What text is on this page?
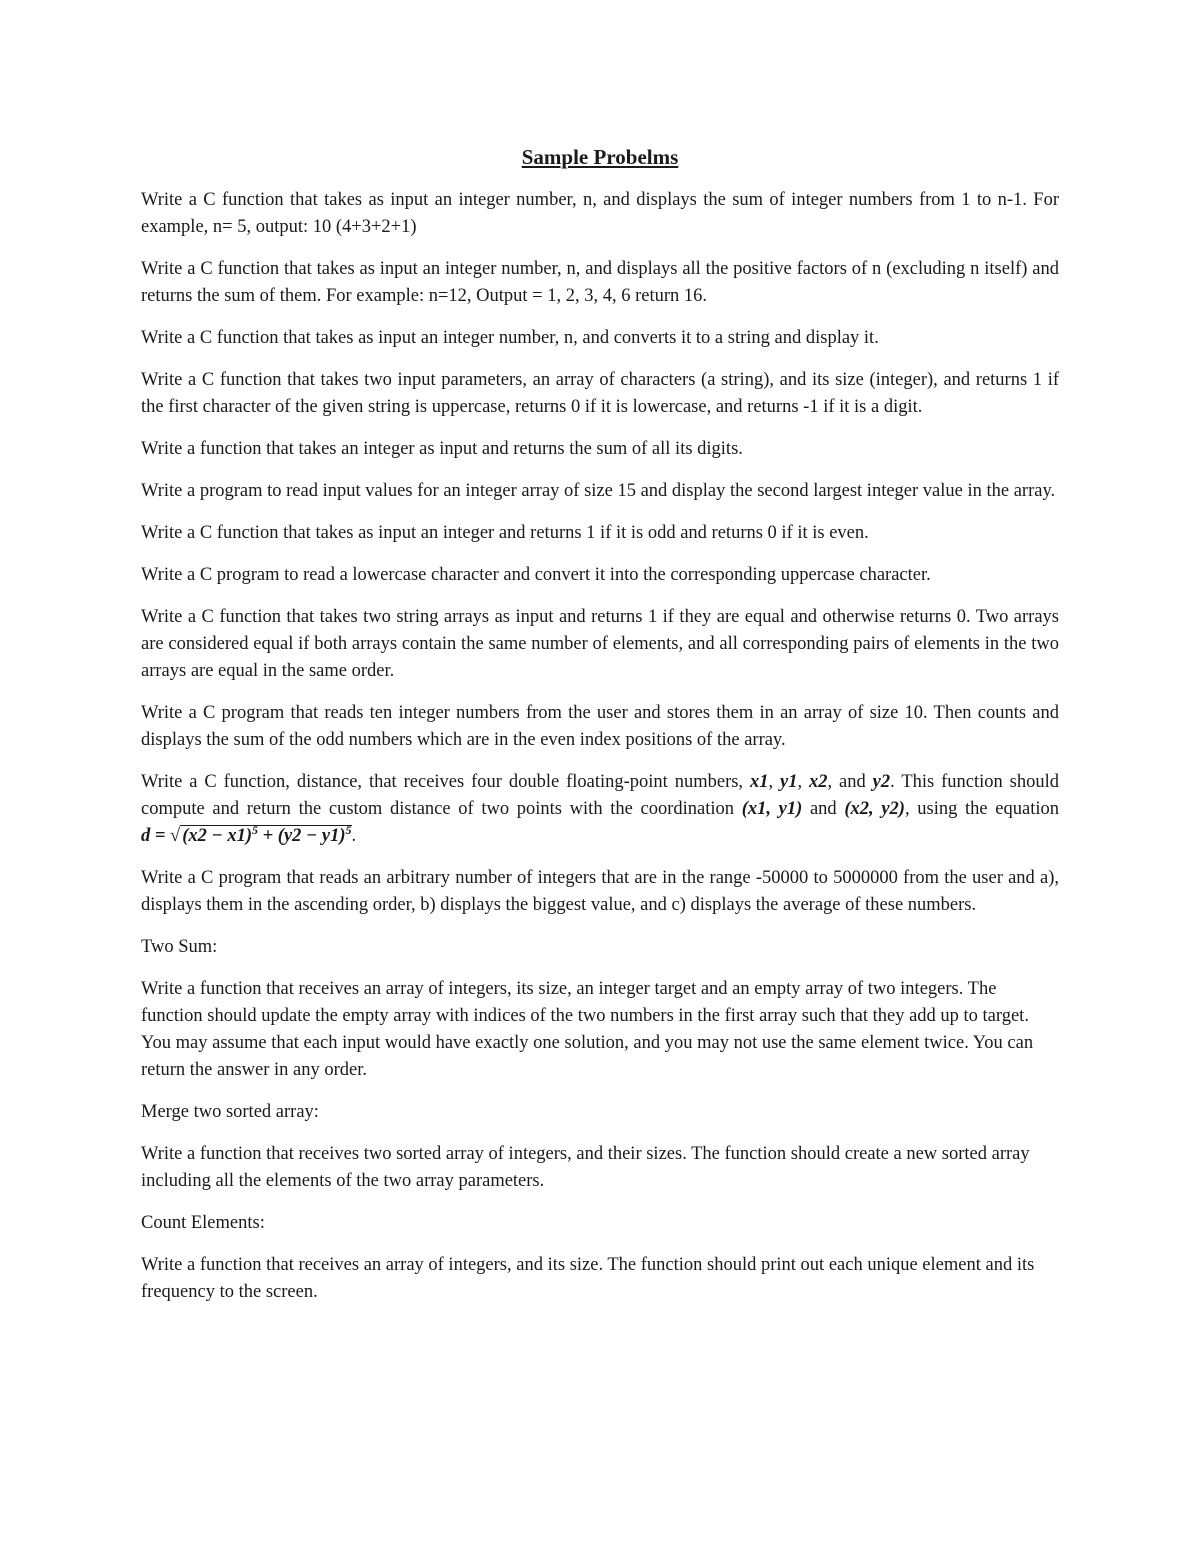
Sample Probelms

Write a C function that takes as input an integer number, n, and displays the sum of integer numbers from 1 to n-1. For example, n= 5, output: 10 (4+3+2+1)

Write a C function that takes as input an integer number, n, and displays all the positive factors of n (excluding n itself) and returns the sum of them. For example: n=12, Output = 1, 2, 3, 4, 6 return 16.

Write a C function that takes as input an integer number, n, and converts it to a string and display it.

Write a C function that takes two input parameters, an array of characters (a string), and its size (integer), and returns 1 if the first character of the given string is uppercase, returns 0 if it is lowercase, and returns -1 if it is a digit.

Write a function that takes an integer as input and returns the sum of all its digits.

Write a program to read input values for an integer array of size 15 and display the second largest integer value in the array.

Write a C function that takes as input an integer and returns 1 if it is odd and returns 0 if it is even.

Write a C program to read a lowercase character and convert it into the corresponding uppercase character.

Write a C function that takes two string arrays as input and returns 1 if they are equal and otherwise returns 0. Two arrays are considered equal if both arrays contain the same number of elements, and all corresponding pairs of elements in the two arrays are equal in the same order.

Write a C program that reads ten integer numbers from the user and stores them in an array of size 10. Then counts and displays the sum of the odd numbers which are in the even index positions of the array.

Write a C function, distance, that receives four double floating-point numbers, x1, y1, x2, and y2. This function should compute and return the custom distance of two points with the coordination (x1, y1) and (x2, y2), using the equation d = √ $(x2 - x1)^5 + (y2 - y1)^5$.

Write a C program that reads an arbitrary number of integers that are in the range -50000 to 5000000 from the user and a), displays them in the ascending order, b) displays the biggest value, and c) displays the average of these numbers.

Two Sum:

Write a function that receives an array of integers, its size, an integer target and an empty array of two integers. The function should update the empty array with indices of the two numbers in the first array such that they add up to target. You may assume that each input would have exactly one solution, and you may not use the same element twice. You can return the answer in any order.

Merge two sorted array:

Write a function that receives two sorted array of integers, and their sizes. The function should create a new sorted array including all the elements of the two array parameters.

Count Elements:

Write a function that receives an array of integers, and its size. The function should print out each unique element and its frequency to the screen.
